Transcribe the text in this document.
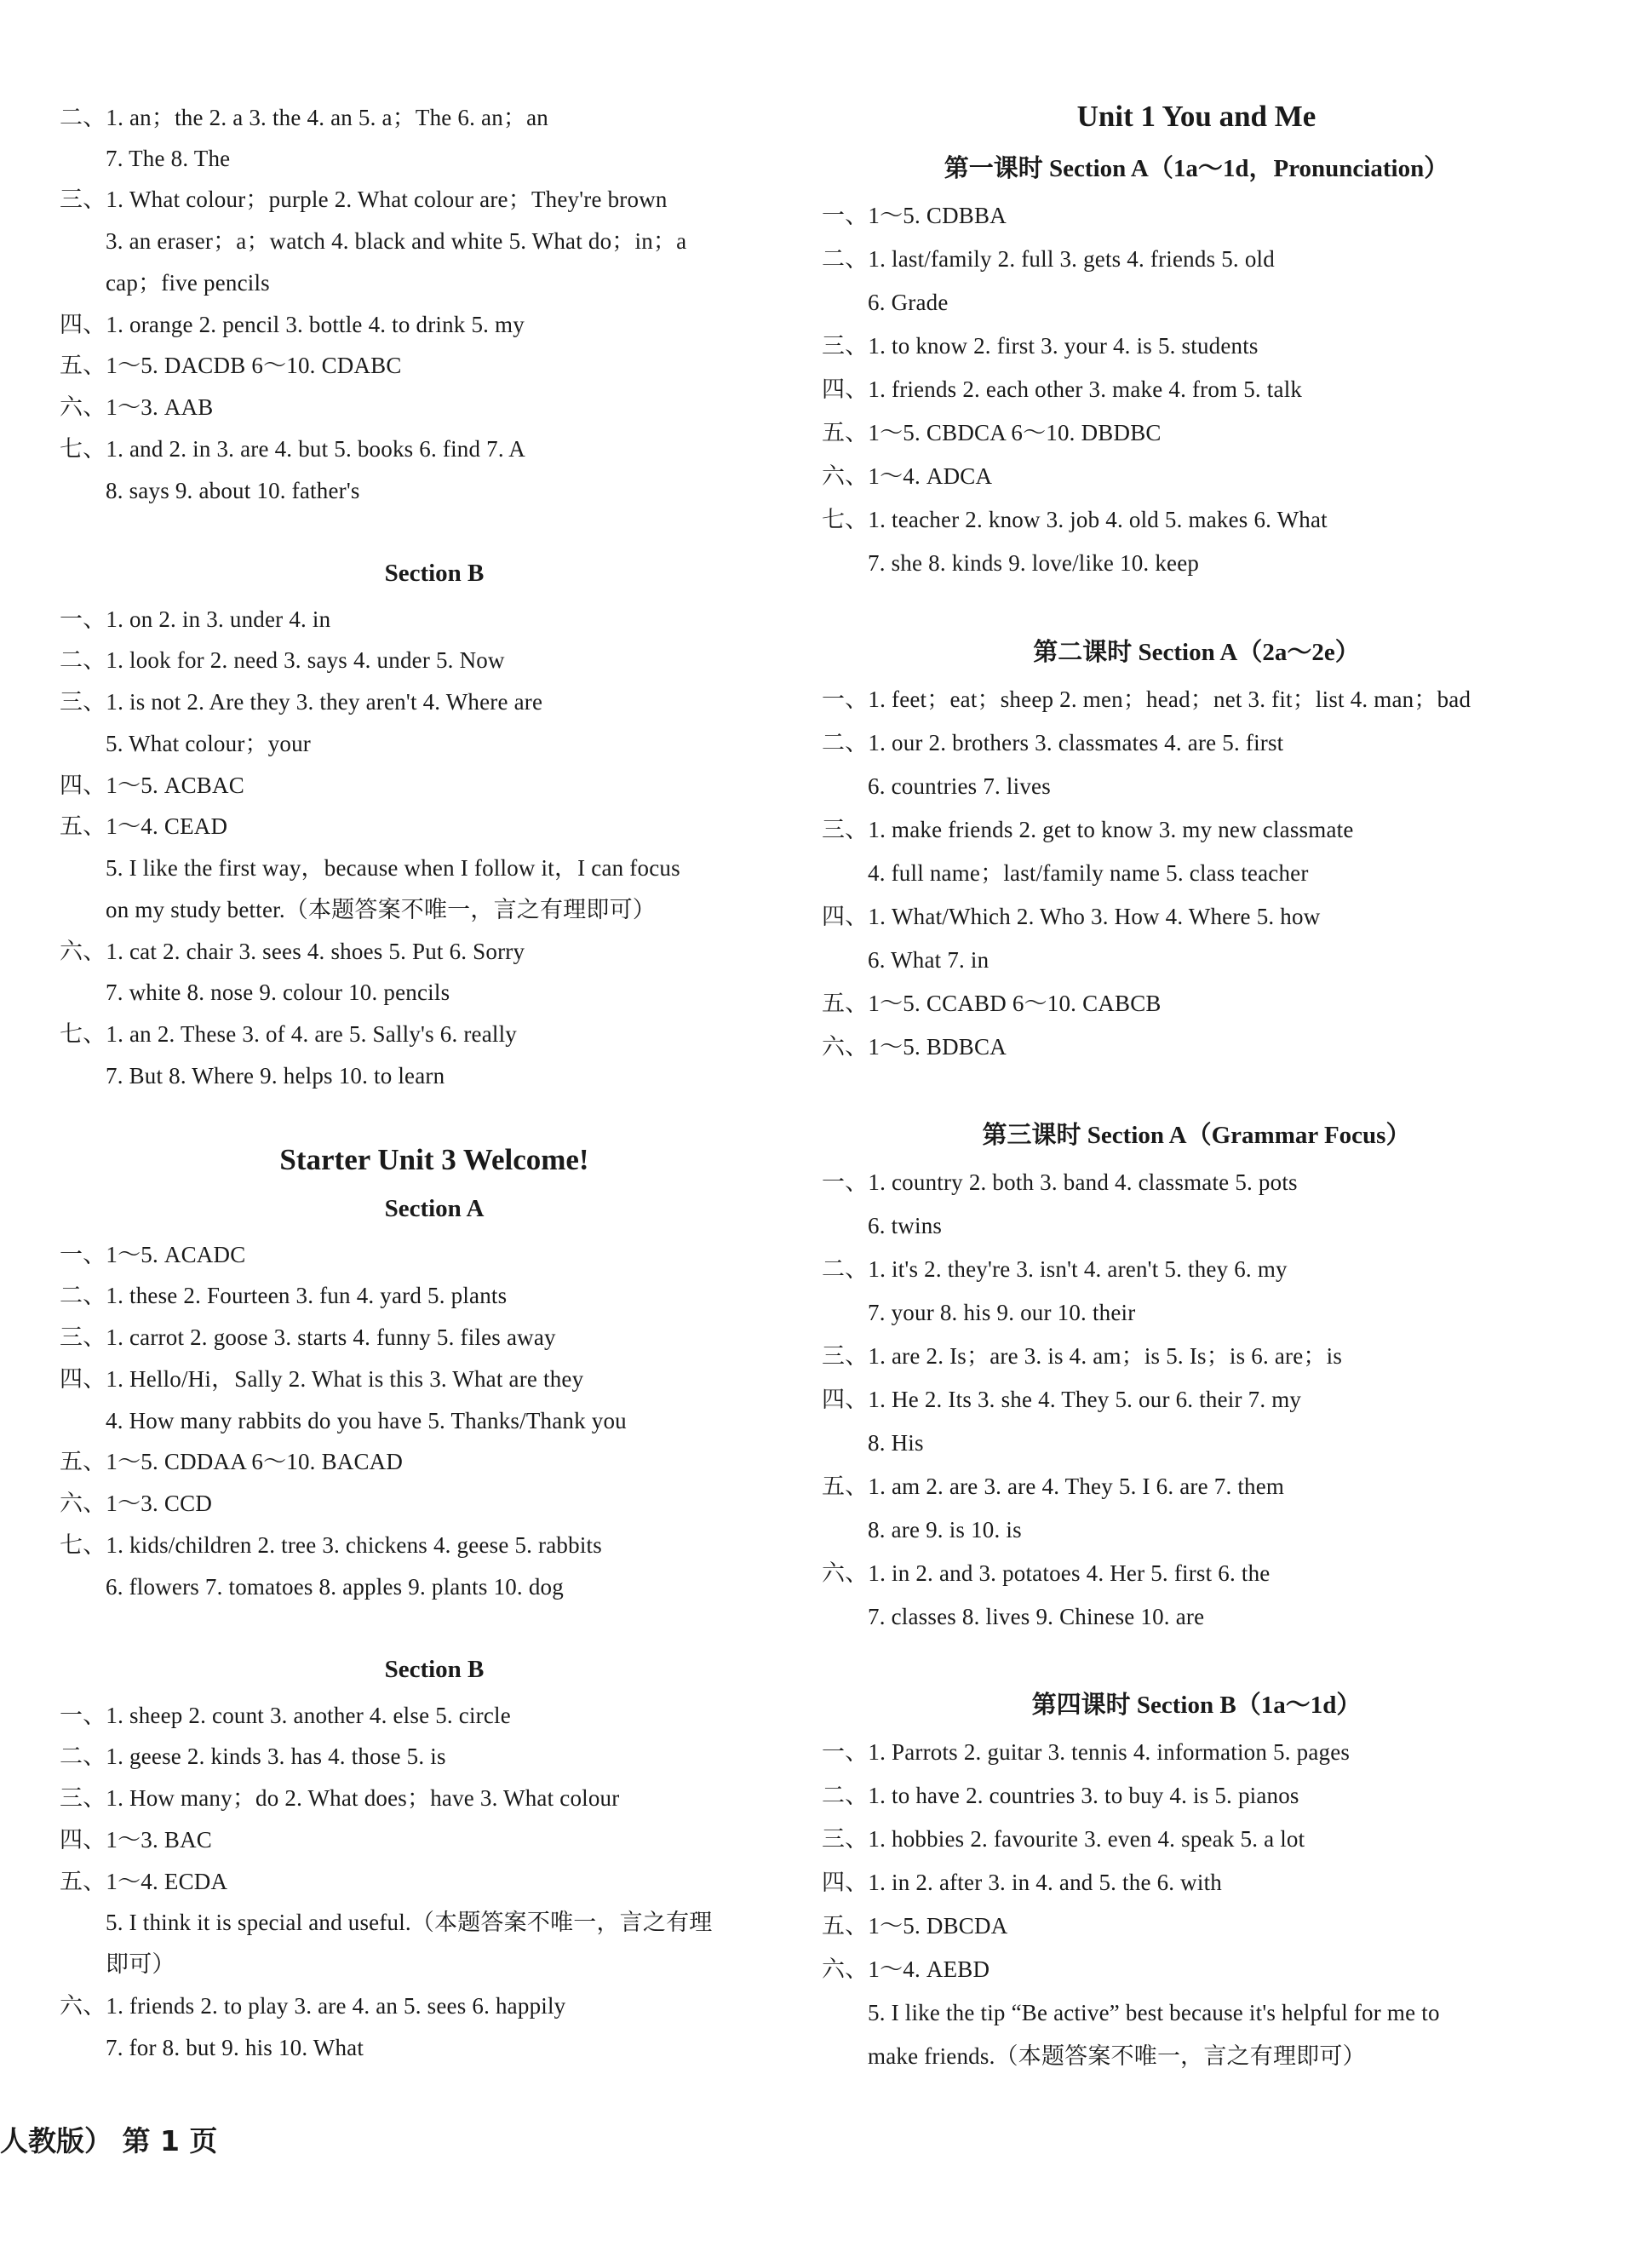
二、1. an；the 2. a 3. the 4. an 5. a；The 6. an；an
7. The 8. The
三、1. What colour；purple 2. What colour are；They're brown
3. an eraser；a；watch 4. black and white 5. What do；in；a
cap；five pencils
四、1. orange 2. pencil 3. bottle 4. to drink 5. my
五、1～5. DACDB 6～10. CDABC
六、1～3. AAB
七、1. and 2. in 3. are 4. but 5. books 6. find 7. A
8. says 9. about 10. father's
Section B
一、1. on 2. in 3. under 4. in
二、1. look for 2. need 3. says 4. under 5. Now
三、1. is not 2. Are they 3. they aren't 4. Where are
5. What colour；your
四、1～5. ACBAC
五、1～4. CEAD
5. I like the first way，because when I follow it，I can focus
on my study better.（本题答案不唯一，言之有理即可）
六、1. cat 2. chair 3. sees 4. shoes 5. Put 6. Sorry
7. white 8. nose 9. colour 10. pencils
七、1. an 2. These 3. of 4. are 5. Sally's 6. really
7. But 8. Where 9. helps 10. to learn
Starter Unit 3 Welcome!
Section A
一、1～5. ACADC
二、1. these 2. Fourteen 3. fun 4. yard 5. plants
三、1. carrot 2. goose 3. starts 4. funny 5. files away
四、1. Hello/Hi，Sally 2. What is this 3. What are they
4. How many rabbits do you have 5. Thanks/Thank you
五、1～5. CDDAA 6～10. BACAD
六、1～3. CCD
七、1. kids/children 2. tree 3. chickens 4. geese 5. rabbits
6. flowers 7. tomatoes 8. apples 9. plants 10. dog
Section B
一、1. sheep 2. count 3. another 4. else 5. circle
二、1. geese 2. kinds 3. has 4. those 5. is
三、1. How many；do 2. What does；have 3. What colour
四、1～3. BAC
五、1～4. ECDA
5. I think it is special and useful.（本题答案不唯一，言之有理
即可）
六、1. friends 2. to play 3. are 4. an 5. sees 6. happily
7. for 8. but 9. his 10. What
Unit 1 You and Me
第一课时 Section A（1a～1d，Pronunciation）
一、1～5. CDBBA
二、1. last/family 2. full 3. gets 4. friends 5. old
6. Grade
三、1. to know 2. first 3. your 4. is 5. students
四、1. friends 2. each other 3. make 4. from 5. talk
五、1～5. CBDCA 6～10. DBDBC
六、1～4. ADCA
七、1. teacher 2. know 3. job 4. old 5. makes 6. What
7. she 8. kinds 9. love/like 10. keep
第二课时 Section A（2a～2e）
一、1. feet；eat；sheep 2. men；head；net 3. fit；list 4. man；bad
二、1. our 2. brothers 3. classmates 4. are 5. first
6. countries 7. lives
三、1. make friends 2. get to know 3. my new classmate
4. full name；last/family name 5. class teacher
四、1. What/Which 2. Who 3. How 4. Where 5. how
6. What 7. in
五、1～5. CCABD 6～10. CABCB
六、1～5. BDBCA
第三课时 Section A（Grammar Focus）
一、1. country 2. both 3. band 4. classmate 5. pots
6. twins
二、1. it's 2. they're 3. isn't 4. aren't 5. they 6. my
7. your 8. his 9. our 10. their
三、1. are 2. Is；are 3. is 4. am；is 5. Is；is 6. are；is
四、1. He 2. Its 3. she 4. They 5. our 6. their 7. my
8. His
五、1. am 2. are 3. are 4. They 5. I 6. are 7. them
8. are 9. is 10. is
六、1. in 2. and 3. potatoes 4. Her 5. first 6. the
7. classes 8. lives 9. Chinese 10. are
第四课时 Section B（1a～1d）
一、1. Parrots 2. guitar 3. tennis 4. information 5. pages
二、1. to have 2. countries 3. to buy 4. is 5. pianos
三、1. hobbies 2. favourite 3. even 4. speak 5. a lot
四、1. in 2. after 3. in 4. and 5. the 6. with
五、1～5. DBCDA
六、1～4. AEBD
5. I like the tip “Be active” best because it's helpful for me to
make friends.（本题答案不唯一，言之有理即可）
人教版） 第 1 页
